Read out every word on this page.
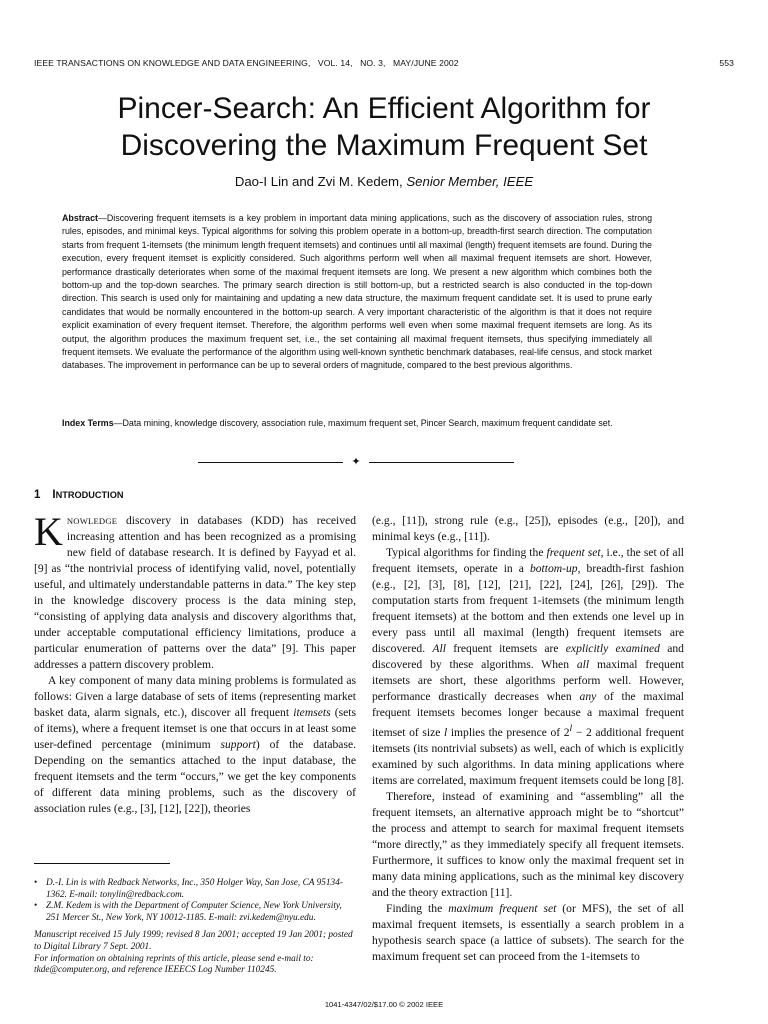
IEEE TRANSACTIONS ON KNOWLEDGE AND DATA ENGINEERING,   VOL. 14,   NO. 3,   MAY/JUNE 2002	553
Pincer-Search: An Efficient Algorithm for
Discovering the Maximum Frequent Set
Dao-I Lin and Zvi M. Kedem, Senior Member, IEEE

Abstract—Discovering frequent itemsets is a key problem in important data mining applications, such as the discovery of association rules, strong rules, episodes, and minimal keys. Typical algorithms for solving this problem operate in a bottom-up, breadth-first search direction. The computation starts from frequent 1-itemsets (the minimum length frequent itemsets) and continues until all maximal (length) frequent itemsets are found. During the execution, every frequent itemset is explicitly considered. Such algorithms perform well when all maximal frequent itemsets are short. However, performance drastically deteriorates when some of the maximal frequent itemsets are long. We present a new algorithm which combines both the bottom-up and the top-down searches. The primary search direction is still bottom-up, but a restricted search is also conducted in the top-down direction. This search is used only for maintaining and updating a new data structure, the maximum frequent candidate set. It is used to prune early candidates that would be normally encountered in the bottom-up search. A very important characteristic of the algorithm is that it does not require explicit examination of every frequent itemset. Therefore, the algorithm performs well even when some maximal frequent itemsets are long. As its output, the algorithm produces the maximum frequent set, i.e., the set containing all maximal frequent itemsets, thus specifying immediately all frequent itemsets. We evaluate the performance of the algorithm using well-known synthetic benchmark databases, real-life census, and stock market databases. The improvement in performance can be up to several orders of magnitude, compared to the best previous algorithms.

Index Terms—Data mining, knowledge discovery, association rule, maximum frequent set, Pincer Search, maximum frequent candidate set.

✦
1 INTRODUCTION

KNOWLEDGE discovery in databases (KDD) has received increasing attention and has been recognized as a promising new field of database research. It is defined by Fayyad et al. [9] as “the nontrivial process of identifying valid, novel, potentially useful, and ultimately understandable patterns in data.” The key step in the knowledge discovery process is the data mining step, “consisting of applying data analysis and discovery algorithms that, under acceptable computational efficiency limitations, produce a particular enumeration of patterns over the data” [9]. This paper addresses a pattern discovery problem.

A key component of many data mining problems is formulated as follows: Given a large database of sets of items (representing market basket data, alarm signals, etc.), discover all frequent itemsets (sets of items), where a frequent itemset is one that occurs in at least some user-defined percentage (minimum support) of the database. Depending on the semantics attached to the input database, the frequent itemsets and the term “occurs,” we get the key components of different data mining problems, such as the discovery of association rules (e.g., [3], [12], [22]), theories

(e.g., [11]), strong rule (e.g., [25]), episodes (e.g., [20]), and minimal keys (e.g., [11]).

Typical algorithms for finding the frequent set, i.e., the set of all frequent itemsets, operate in a bottom-up, breadth-first fashion (e.g., [2], [3], [8], [12], [21], [22], [24], [26], [29]). The computation starts from frequent 1-itemsets (the minimum length frequent itemsets) at the bottom and then extends one level up in every pass until all maximal (length) frequent itemsets are discovered. All frequent itemsets are explicitly examined and discovered by these algorithms. When all maximal frequent itemsets are short, these algorithms perform well. However, performance drastically decreases when any of the maximal frequent itemsets becomes longer because a maximal frequent itemset of size l implies the presence of $2^l - 2$ additional frequent itemsets (its nontrivial subsets) as well, each of which is explicitly examined by such algorithms. In data mining applications where items are correlated, maximum frequent itemsets could be long [8].

Therefore, instead of examining and “assembling” all the frequent itemsets, an alternative approach might be to “shortcut” the process and attempt to search for maximal frequent itemsets “more directly,” as they immediately specify all frequent itemsets. Furthermore, it suffices to know only the maximal frequent set in many data mining applications, such as the minimal key discovery and the theory extraction [11].

Finding the maximum frequent set (or MFS), the set of all maximal frequent itemsets, is essentially a search problem in a hypothesis search space (a lattice of subsets). The search for the maximum frequent set can proceed from the 1-itemsets to

• D.-I. Lin is with Redback Networks, Inc., 350 Holger Way, San Jose, CA 95134-1362. E-mail: tonylin@redback.com.
• Z.M. Kedem is with the Department of Computer Science, New York University, 251 Mercer St., New York, NY 10012-1185. E-mail: zvi.kedem@nyu.edu.

Manuscript received 15 July 1999; revised 8 Jan 2001; accepted 19 Jan 2001; posted to Digital Library 7 Sept. 2001.

For information on obtaining reprints of this article, please send e-mail to: tkde@computer.org, and reference IEEECS Log Number 110245.

1041-4347/02/$17.00 © 2002 IEEE
